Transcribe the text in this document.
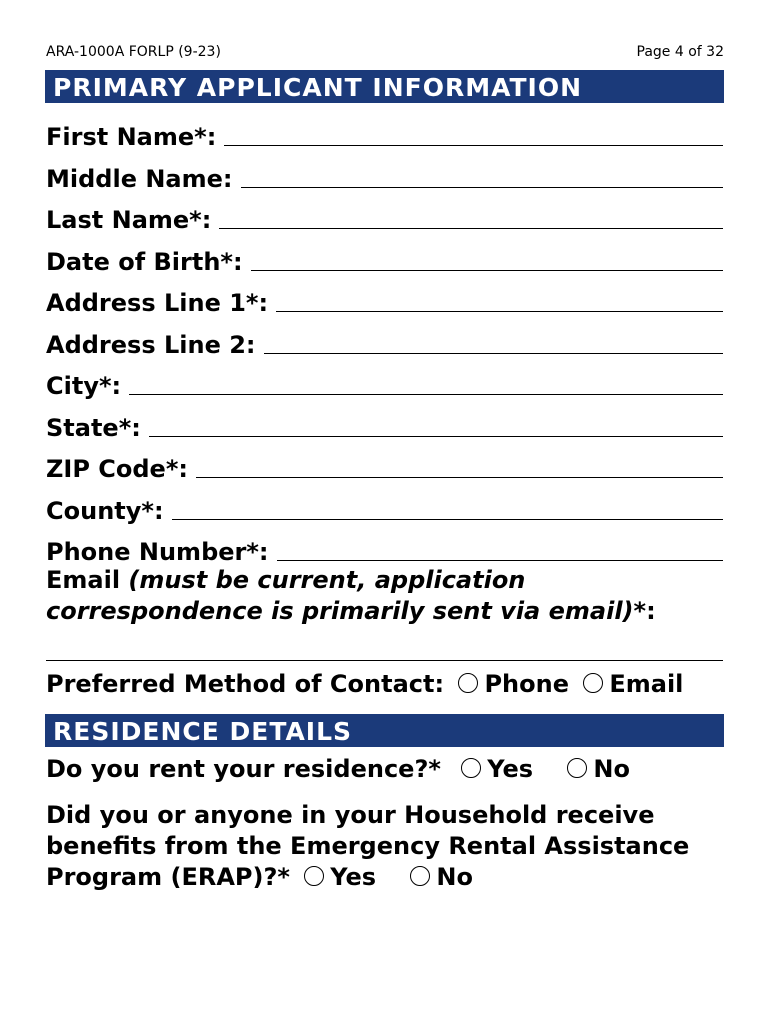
ARA-1000A FORLP (9-23)	Page 4 of 32
PRIMARY APPLICANT INFORMATION
First Name*:
Middle Name:
Last Name*:
Date of Birth*:
Address Line 1*:
Address Line 2:
City*:
State*:
ZIP Code*:
County*:
Phone Number*:
Email (must be current, application correspondence is primarily sent via email)*:
Preferred Method of Contact: Phone Email
RESIDENCE DETAILS
Do you rent your residence?* Yes	No
Did you or anyone in your Household receive benefits from the Emergency Rental Assistance Program (ERAP)?* Yes	No
